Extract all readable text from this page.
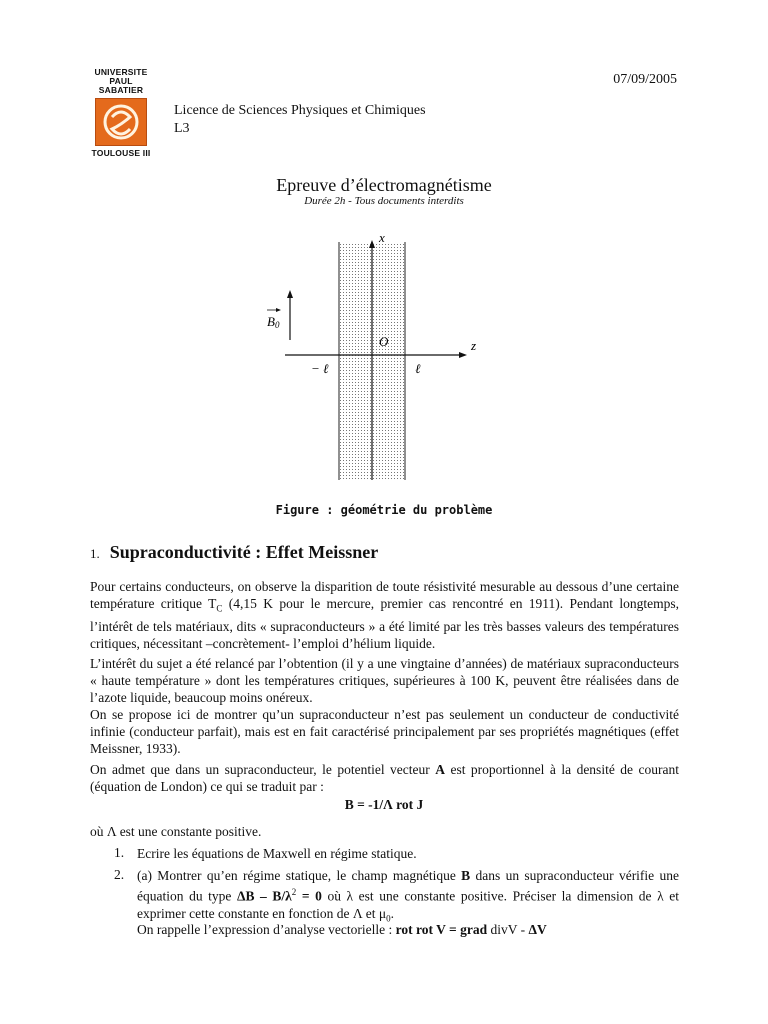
UNIVERSITE
PAUL
SABATIER
TOULOUSE III
07/09/2005
Licence de Sciences Physiques et Chimiques
L3
Epreuve d’électromagnétisme
Durée 2h - Tous documents interdits
x
z
O
B0
− ℓ	ℓ
Figure : géométrie du problème
1. Supraconductivité : Effet Meissner
Pour certains conducteurs, on observe la disparition de toute résistivité mesurable au dessous d’une certaine température critique $T_C$ (4,15 K pour le mercure, premier cas rencontré en 1911). Pendant longtemps, l’intérêt de tels matériaux, dits « supraconducteurs » a été limité par les très basses valeurs des températures critiques, nécessitant –concrètement- l’emploi d’hélium liquide.
L’intérêt du sujet a été relancé par l’obtention (il y a une vingtaine d’années) de matériaux supraconducteurs « haute température » dont les températures critiques, supérieures à 100 K, peuvent être réalisées dans de l’azote liquide, beaucoup moins onéreux.
On se propose ici de montrer qu’un supraconducteur n’est pas seulement un conducteur de conductivité infinie (conducteur parfait), mais est en fait caractérisé principalement par ses propriétés magnétiques (effet Meissner, 1933).
On admet que dans un supraconducteur, le potentiel vecteur A est proportionnel à la densité de courant (équation de London) ce qui se traduit par :
B = -1/Λ rot J
où Λ est une constante positive.
1. Ecrire les équations de Maxwell en régime statique.
2. (a) Montrer qu’en régime statique, le champ magnétique B dans un supraconducteur vérifie une équation du type $\Delta B - B/\lambda^2 = 0$ où λ est une constante positive. Préciser la dimension de λ et exprimer cette constante en fonction de Λ et $\mu_0$.
On rappelle l’expression d’analyse vectorielle : rot rot V = grad divV - ΔV
